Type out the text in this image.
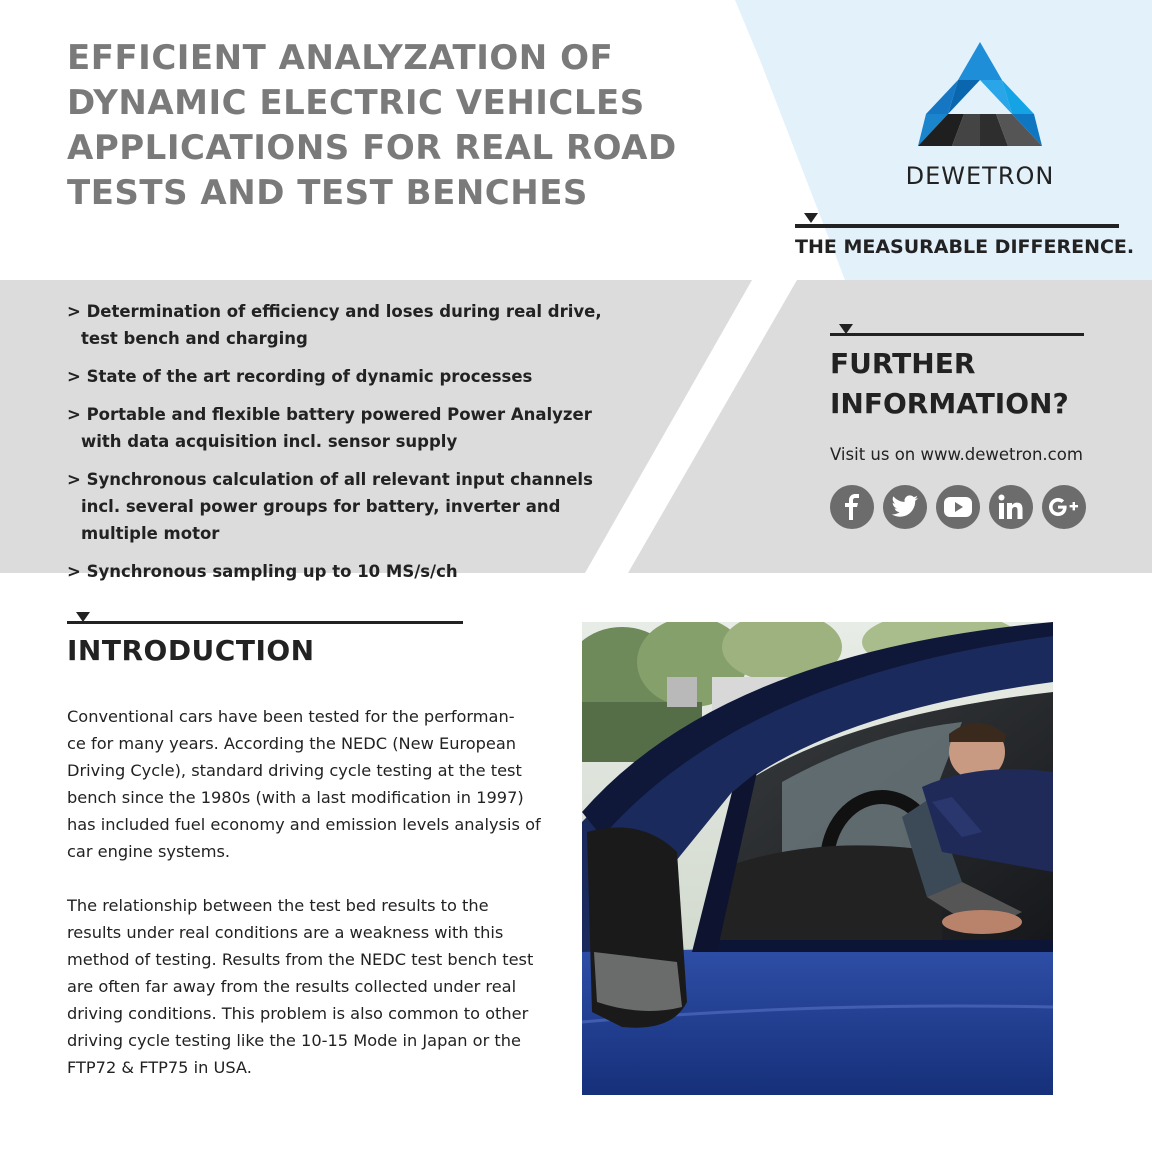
EFFICIENT ANALYZATION OF
DYNAMIC ELECTRIC VEHICLES
APPLICATIONS FOR REAL ROAD
TESTS AND TEST BENCHES	DEWETRON
THE MEASURABLE DIFFERENCE.
> Determination of efficiency and loses during real drive, test bench and charging
> State of the art recording of dynamic processes
> Portable and flexible battery powered Power Analyzer with data acquisition incl. sensor supply
> Synchronous calculation of all relevant input channels incl. several power groups for battery, inverter and multiple motor
> Synchronous sampling up to 10 MS/s/ch
FURTHER
INFORMATION?
Visit us on www.dewetron.com
INTRODUCTION

Conventional cars have been tested for the performan-
ce for many years. According the NEDC (New European
Driving Cycle), standard driving cycle testing at the test
bench since the 1980s (with a last modification in 1997)
has included fuel economy and emission levels analysis of
car engine systems.

The relationship between the test bed results to the
results under real conditions are a weakness with this
method of testing. Results from the NEDC test bench test
are often far away from the results collected under real
driving conditions. This problem is also common to other
driving cycle testing like the 10-15 Mode in Japan or the
FTP72 & FTP75 in USA.
